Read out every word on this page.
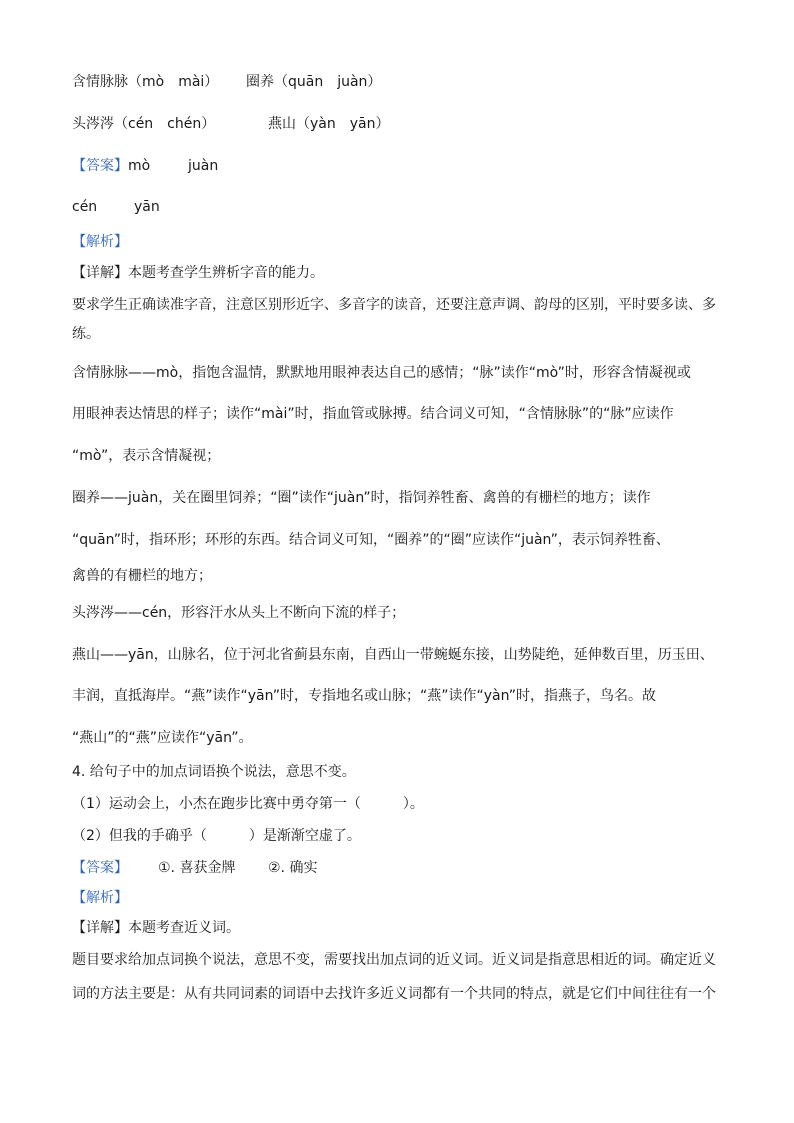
含情脉脉（mò　mài） 圈养（quān　juàn）
头涔涔（cén　chén）	燕山（yàn　yān）
【答案】 mò	juàn
cén	yān
【解析】
【详解】本题考查学生辨析字音的能力。
要求学生正确读准字音，注意区别形近字、多音字的读音，还要注意声调、韵母的区别，平时要多读、多
练。
含情脉脉——mò，指饱含温情，默默地用眼神表达自己的感情；“脉”读作“mò”时，形容含情凝视或
用眼神表达情思的样子；读作“mài”时，指血管或脉搏。结合词义可知，“含情脉脉”的“脉”应读作
“mò”，表示含情凝视；
圈养——juàn，关在圈里饲养；“圈”读作“juàn”时，指饲养牲畜、禽兽的有栅栏的地方；读作
“quān”时，指环形；环形的东西。结合词义可知，“圈养”的“圈”应读作“juàn”，表示饲养牲畜、
禽兽的有栅栏的地方；
头涔涔——cén，形容汗水从头上不断向下流的样子；
燕山——yān，山脉名，位于河北省蓟县东南，自西山一带蜿蜒东接，山势陡绝，延伸数百里，历玉田、
丰润，直抵海岸。“燕”读作“yān”时，专指地名或山脉；“燕”读作“yàn”时，指燕子，鸟名。故
“燕山”的“燕”应读作“yān”。
4. 给句子中的加点词语换个说法，意思不变。
（1）运动会上，小杰在跑步比赛中勇夺第一（　　　）。
（2）但我的手确乎（　　　）是渐渐空虚了。
【答案】 ①. 喜获金牌 ②. 确实
【解析】
【详解】本题考查近义词。
题目要求给加点词换个说法，意思不变，需要找出加点词的近义词。近义词是指意思相近的词。确定近义
词的方法主要是：从有共同词素的词语中去找许多近义词都有一个共同的特点，就是它们中间往往有一个
